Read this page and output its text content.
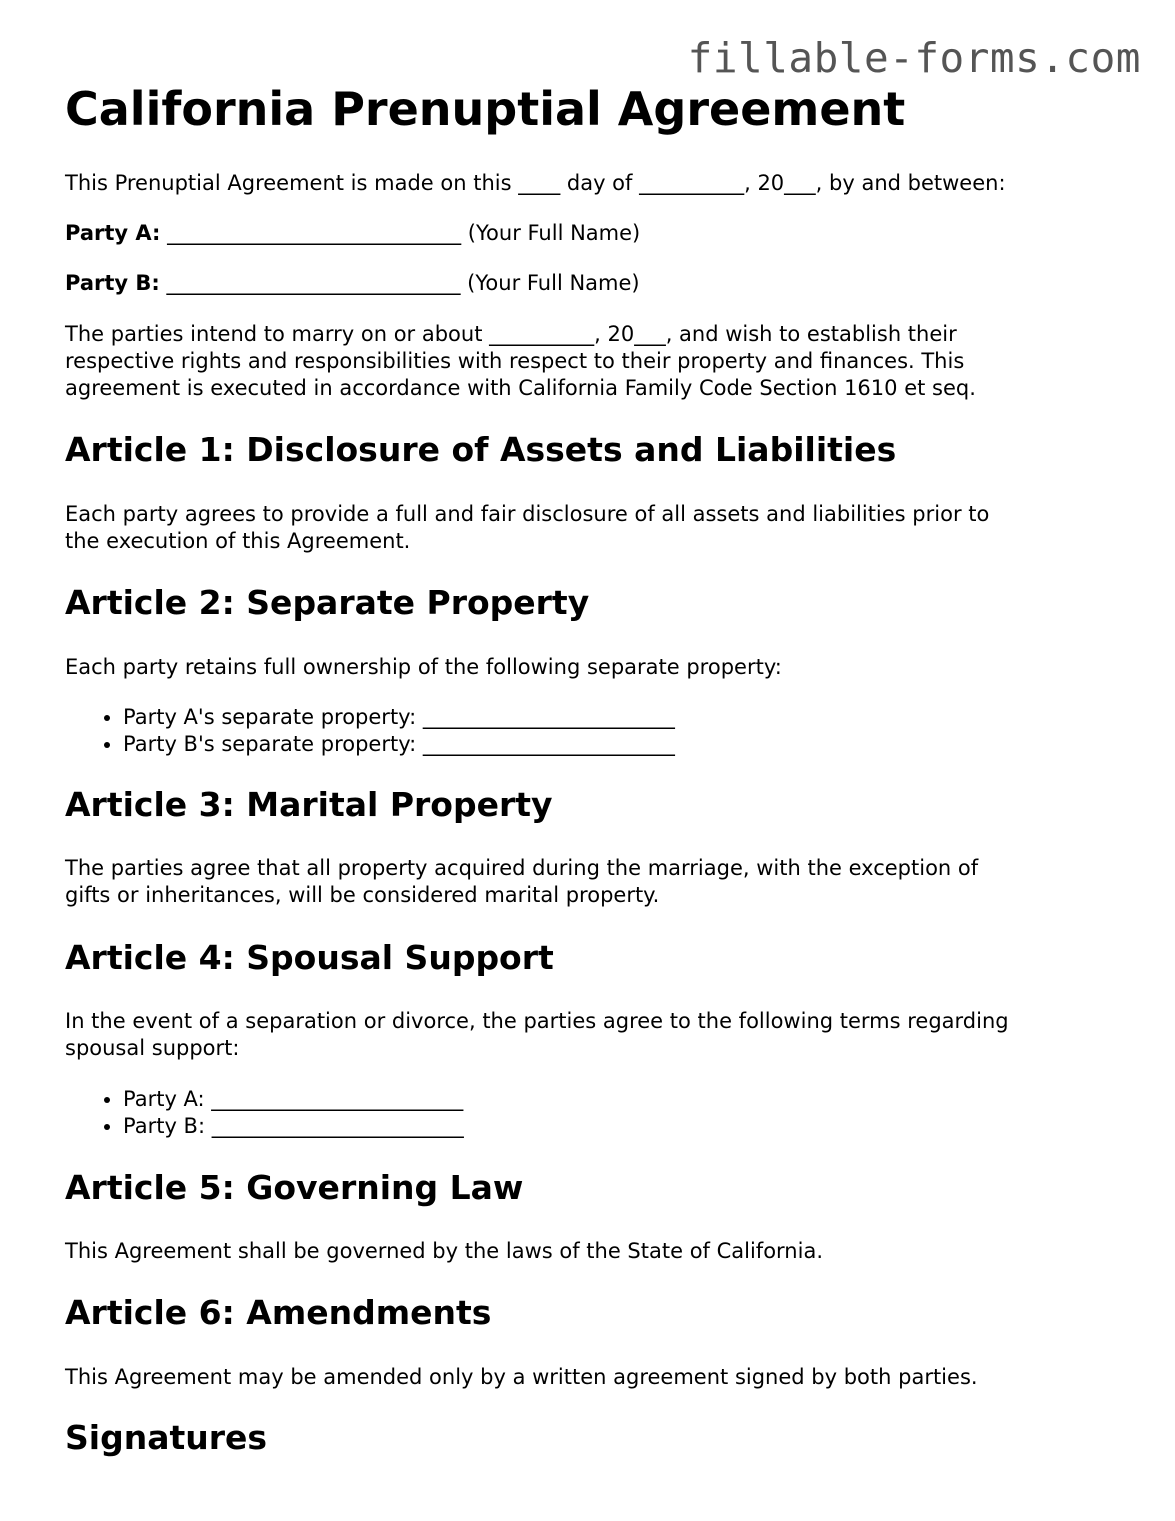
fillable-forms.com
California Prenuptial Agreement

This Prenuptial Agreement is made on this ____ day of __________, 20___, by and between:

Party A: ____________________________ (Your Full Name)

Party B: ____________________________ (Your Full Name)

The parties intend to marry on or about __________, 20___, and wish to establish their
respective rights and responsibilities with respect to their property and finances. This
agreement is executed in accordance with California Family Code Section 1610 et seq.

Article 1: Disclosure of Assets and Liabilities

Each party agrees to provide a full and fair disclosure of all assets and liabilities prior to
the execution of this Agreement.

Article 2: Separate Property

Each party retains full ownership of the following separate property:

• Party A's separate property: ________________________
• Party B's separate property: ________________________
Article 3: Marital Property

The parties agree that all property acquired during the marriage, with the exception of
gifts or inheritances, will be considered marital property.

Article 4: Spousal Support

In the event of a separation or divorce, the parties agree to the following terms regarding
spousal support:

• Party A: ________________________
• Party B: ________________________
Article 5: Governing Law

This Agreement shall be governed by the laws of the State of California.

Article 6: Amendments

This Agreement may be amended only by a written agreement signed by both parties.

Signatures
